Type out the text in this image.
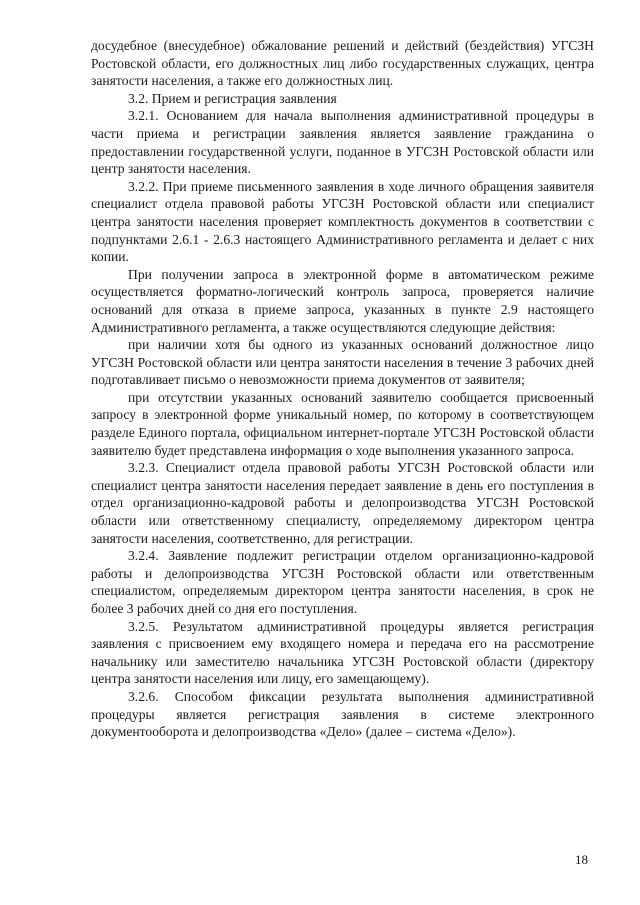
досудебное (внесудебное) обжалование решений и действий (бездействия) УГСЗН Ростовской области, его должностных лиц либо государственных служащих, центра занятости населения, а также его должностных лиц.

3.2. Прием и регистрация заявления

3.2.1. Основанием для начала выполнения административной процедуры в части приема и регистрации заявления является заявление гражданина о предоставлении государственной услуги, поданное в УГСЗН Ростовской области или центр занятости населения.

3.2.2. При приеме письменного заявления в ходе личного обращения заявителя специалист отдела правовой работы УГСЗН Ростовской области или специалист центра занятости населения проверяет комплектность документов в соответствии с подпунктами 2.6.1 - 2.6.3 настоящего Административного регламента и делает с них копии.

При получении запроса в электронной форме в автоматическом режиме осуществляется форматно-логический контроль запроса, проверяется наличие оснований для отказа в приеме запроса, указанных в пункте 2.9 настоящего Административного регламента, а также осуществляются следующие действия:

при наличии хотя бы одного из указанных оснований должностное лицо УГСЗН Ростовской области или центра занятости населения в течение 3 рабочих дней подготавливает письмо о невозможности приема документов от заявителя;

при отсутствии указанных оснований заявителю сообщается присвоенный запросу в электронной форме уникальный номер, по которому в соответствующем разделе Единого портала, официальном интернет-портале УГСЗН Ростовской области заявителю будет представлена информация о ходе выполнения указанного запроса.

3.2.3. Специалист отдела правовой работы УГСЗН Ростовской области или специалист центра занятости населения передает заявление в день его поступления в отдел организационно-кадровой работы и делопроизводства УГСЗН Ростовской области или ответственному специалисту, определяемому директором центра занятости населения, соответственно, для регистрации.

3.2.4. Заявление подлежит регистрации отделом организационно-кадровой работы и делопроизводства УГСЗН Ростовской области или ответственным специалистом, определяемым директором центра занятости населения, в срок не более 3 рабочих дней со дня его поступления.

3.2.5. Результатом административной процедуры является регистрация заявления с присвоением ему входящего номера и передача его на рассмотрение начальнику или заместителю начальника УГСЗН Ростовской области (директору центра занятости населения или лицу, его замещающему).

3.2.6. Способом фиксации результата выполнения административной процедуры является регистрация заявления в системе электронного документооборота и делопроизводства «Дело» (далее – система «Дело»).

18
